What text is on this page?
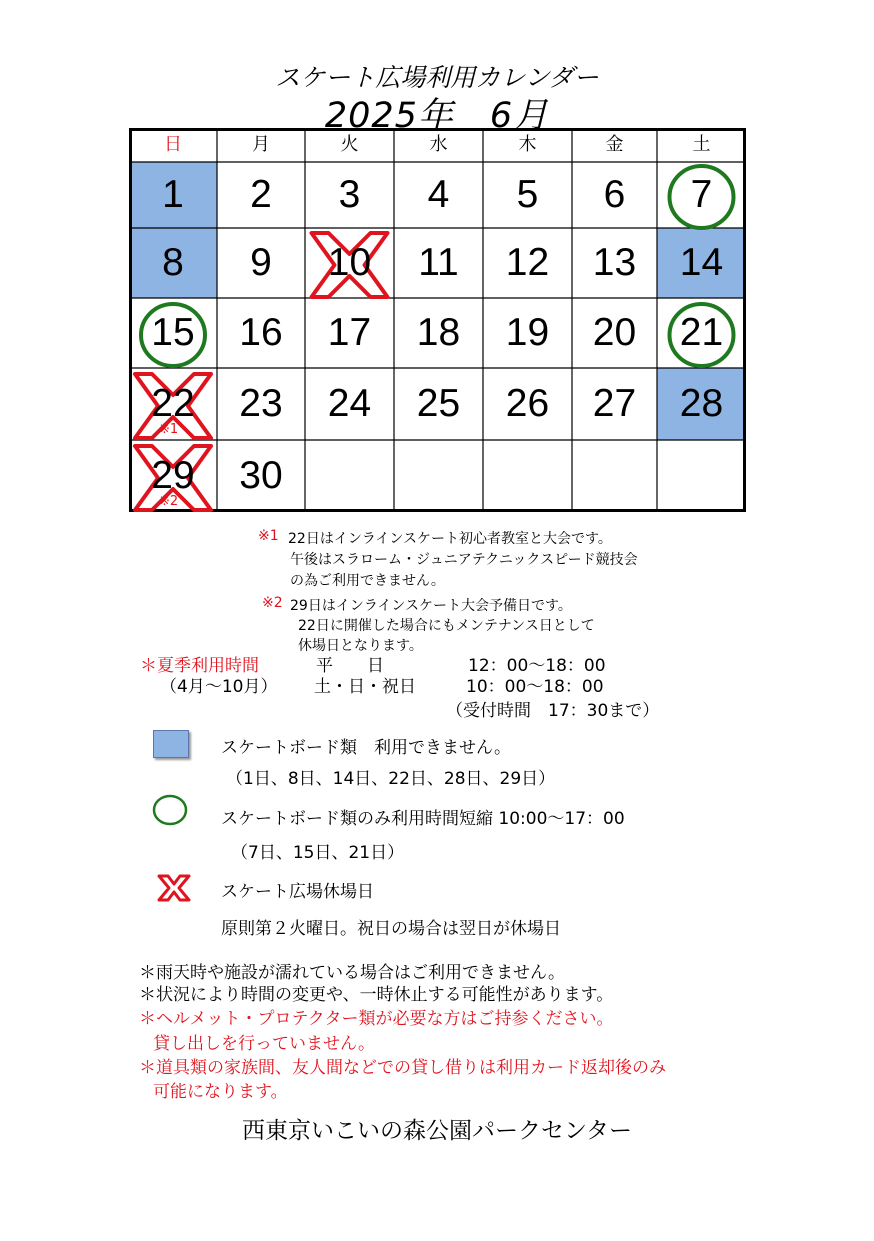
スケート広場利用カレンダー
2025年　6月
日	月	火	水	木	金	土
1	2	3	4	5	6	7
8	9	10	11	12	13	14
15	16	17	18	19	20	21
22	23	24	25	26	27	28
29	30
※1
※2
※1 22日はインラインスケート初心者教室と大会です。
午後はスラローム・ジュニアテクニックスピード競技会
の為ご利用できません。
※2 29日はインラインスケート大会予備日です。
22日に開催した場合にもメンテナンス日として
休場日となります。
＊夏季利用時間
（4月～10月）
平　　日	12：00～18：00
土・日・祝日	10：00～18：00
（受付時間　17：30まで）
スケートボード類　利用できません。
（1日、8日、14日、22日、28日、29日）
スケートボード類のみ利用時間短縮 10:00～17：00
（7日、15日、21日）
スケート広場休場日
原則第２火曜日。祝日の場合は翌日が休場日
＊雨天時や施設が濡れている場合はご利用できません。
＊状況により時間の変更や、一時休止する可能性があります。
＊ヘルメット・プロテクター類が必要な方はご持参ください。
貸し出しを行っていません。
＊道具類の家族間、友人間などでの貸し借りは利用カード返却後のみ
可能になります。
西東京いこいの森公園パークセンター
